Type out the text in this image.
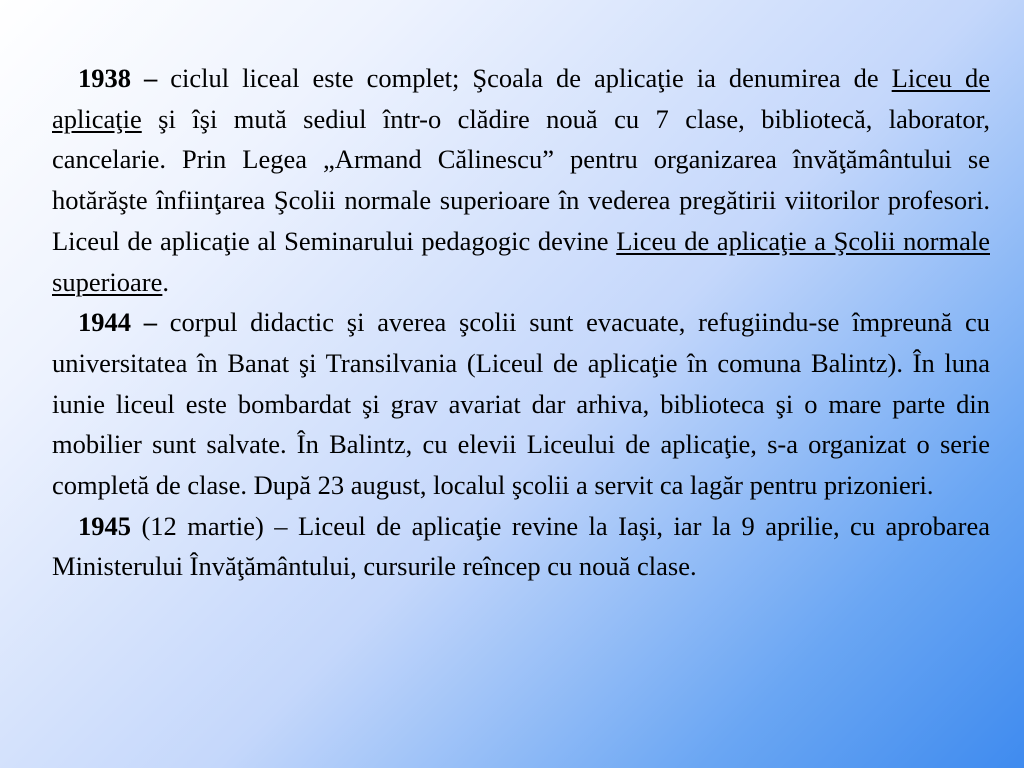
1938 – ciclul liceal este complet; Şcoala de aplicaţie ia denumirea de Liceu de aplicaţie şi îşi mută sediul într-o clădire nouă cu 7 clase, bibliotecă, laborator, cancelarie. Prin Legea „Armand Călinescu” pentru organizarea învăţământului se hotărăşte înfiinţarea Şcolii normale superioare în vederea pregătirii viitorilor profesori. Liceul de aplicaţie al Seminarului pedagogic devine Liceu de aplicaţie a Şcolii normale superioare.

1944 – corpul didactic şi averea şcolii sunt evacuate, refugiindu-se împreună cu universitatea în Banat şi Transilvania (Liceul de aplicaţie în comuna Balintz). În luna iunie liceul este bombardat şi grav avariat dar arhiva, biblioteca şi o mare parte din mobilier sunt salvate. În Balintz, cu elevii Liceului de aplicaţie, s-a organizat o serie completă de clase. După 23 august, localul şcolii a servit ca lagăr pentru prizonieri.

1945 (12 martie) – Liceul de aplicaţie revine la Iaşi, iar la 9 aprilie, cu aprobarea Ministerului Învăţământului, cursurile reîncep cu nouă clase.
